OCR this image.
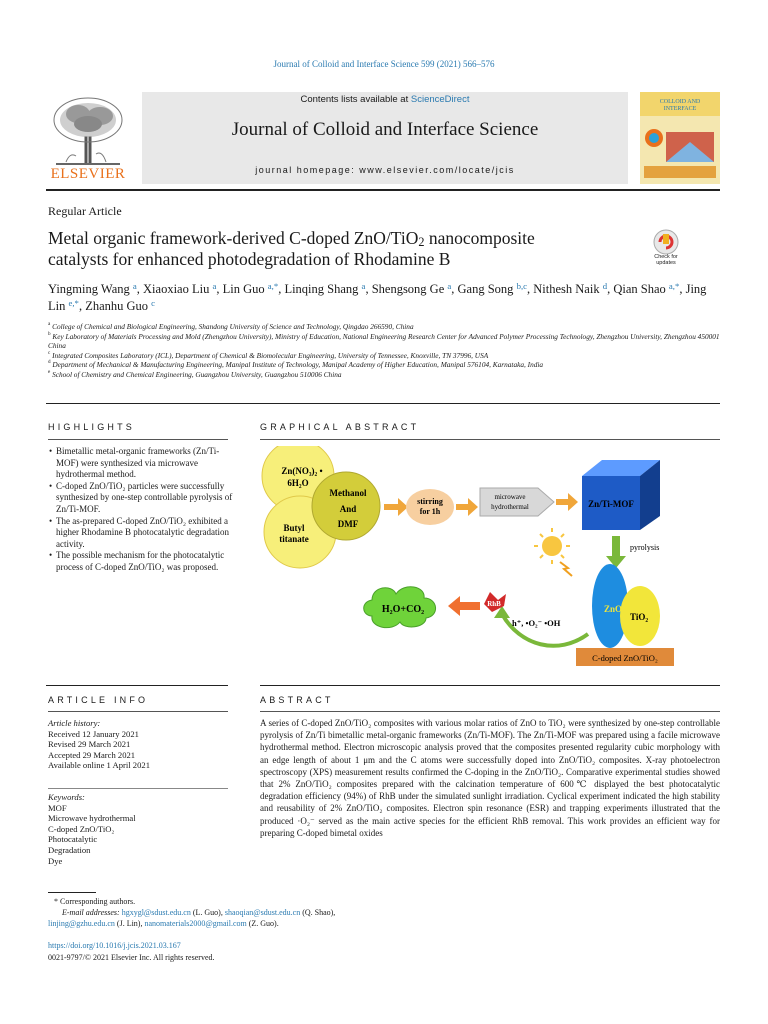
Journal of Colloid and Interface Science 599 (2021) 566–576
ELSEVIER
Contents lists available at ScienceDirect
Journal of Colloid and Interface Science
journal homepage: www.elsevier.com/locate/jcis
COLLOID AND
INTERFACE
Regular Article
Metal organic framework-derived C-doped ZnO/TiO$_2$ nanocomposite
catalysts for enhanced photodegradation of Rhodamine B	Check for updates
Yingming Wang $^a$, Xiaoxiao Liu $^a$, Lin Guo $^{a,*}$, Linqing Shang $^a$, Shengsong Ge $^a$, Gang Song $^{b,c}$, Nithesh Naik $^d$, Qian Shao $^{a,*}$, Jing Lin $^{e,*}$, Zhanhu Guo $^c$
$^a$ College of Chemical and Biological Engineering, Shandong University of Science and Technology, Qingdao 266590, China
$^b$ Key Laboratory of Materials Processing and Mold (Zhengzhou University), Ministry of Education, National Engineering Research Center for Advanced Polymer Processing Technology, Zhengzhou University, Zhengzhou 450001 China
$^c$ Integrated Composites Laboratory (ICL), Department of Chemical & Biomolecular Engineering, University of Tennessee, Knoxville, TN 37996, USA
$^d$ Department of Mechanical & Manufacturing Engineering, Manipal Institute of Technology, Manipal Academy of Higher Education, Manipal 576104, Karnataka, India
$^e$ School of Chemistry and Chemical Engineering, Guangzhou University, Guangzhou 510006 China
HIGHLIGHTS
• Bimetallic metal-organic frameworks (Zn/Ti-MOF) were synthesized via microwave hydrothermal method.
• C-doped ZnO/TiO₂ particles were successfully synthesized by one-step controllable pyrolysis of Zn/Ti-MOF.
• The as-prepared C-doped ZnO/TiO₂ exhibited a higher Rhodamine B photocatalytic degradation activity.
• The possible mechanism for the photocatalytic process of C-doped ZnO/TiO₂ was proposed.
GRAPHICAL ABSTRACT
Zn(NO₃)₂ •
6H₂O
Butyl
titanate
Methanol
And
DMF
stirring
for 1h
microwave
hydrothermal	Zn/Ti-MOF
pyrolysis
ZnO
TiO₂
C-doped ZnO/TiO₂
h⁺, •O₂⁻ •OH
RhB
H₂O+CO₂
ARTICLE INFO
Article history:
Received 12 January 2021
Revised 29 March 2021
Accepted 29 March 2021
Available online 1 April 2021
Keywords:
MOF
Microwave hydrothermal
C-doped ZnO/TiO₂
Photocatalytic
Degradation
Dye
ABSTRACT
A series of C-doped ZnO/TiO₂ composites with various molar ratios of ZnO to TiO₂ were synthesized by one-step controllable pyrolysis of Zn/Ti bimetallic metal-organic frameworks (Zn/Ti-MOF). The Zn/Ti-MOF was prepared using a facile microwave hydrothermal method. Electron microscopic analysis proved that the composites presented regularity cubic morphology with an edge length of about 1 μm and the C atoms were successfully doped into ZnO/TiO₂ composites. X-ray photoelectron spectroscopy (XPS) measurement results confirmed the C-doping in the ZnO/TiO₂. Comparative experimental studies showed that 2% ZnO/TiO₂ composites prepared with the calcination temperature of 600℃ displayed the best photocatalytic degradation efficiency (94%) of RhB under the simulated sunlight irradiation. Cyclical experiment indicated the high stability and reusability of 2% ZnO/TiO₂ composites. Electron spin resonance (ESR) and trapping experiments illustrated that the produced ·O₂⁻ served as the main active species for the efficient RhB removal. This work provides an efficient way for preparing C-doped bimetal oxides
* Corresponding authors.
E-mail addresses: hgxygl@sdust.edu.cn (L. Guo), shaoqian@sdust.edu.cn (Q. Shao), linjing@gzhu.edu.cn (J. Lin), nanomaterials2000@gmail.com (Z. Guo).
https://doi.org/10.1016/j.jcis.2021.03.167
0021-9797/© 2021 Elsevier Inc. All rights reserved.
